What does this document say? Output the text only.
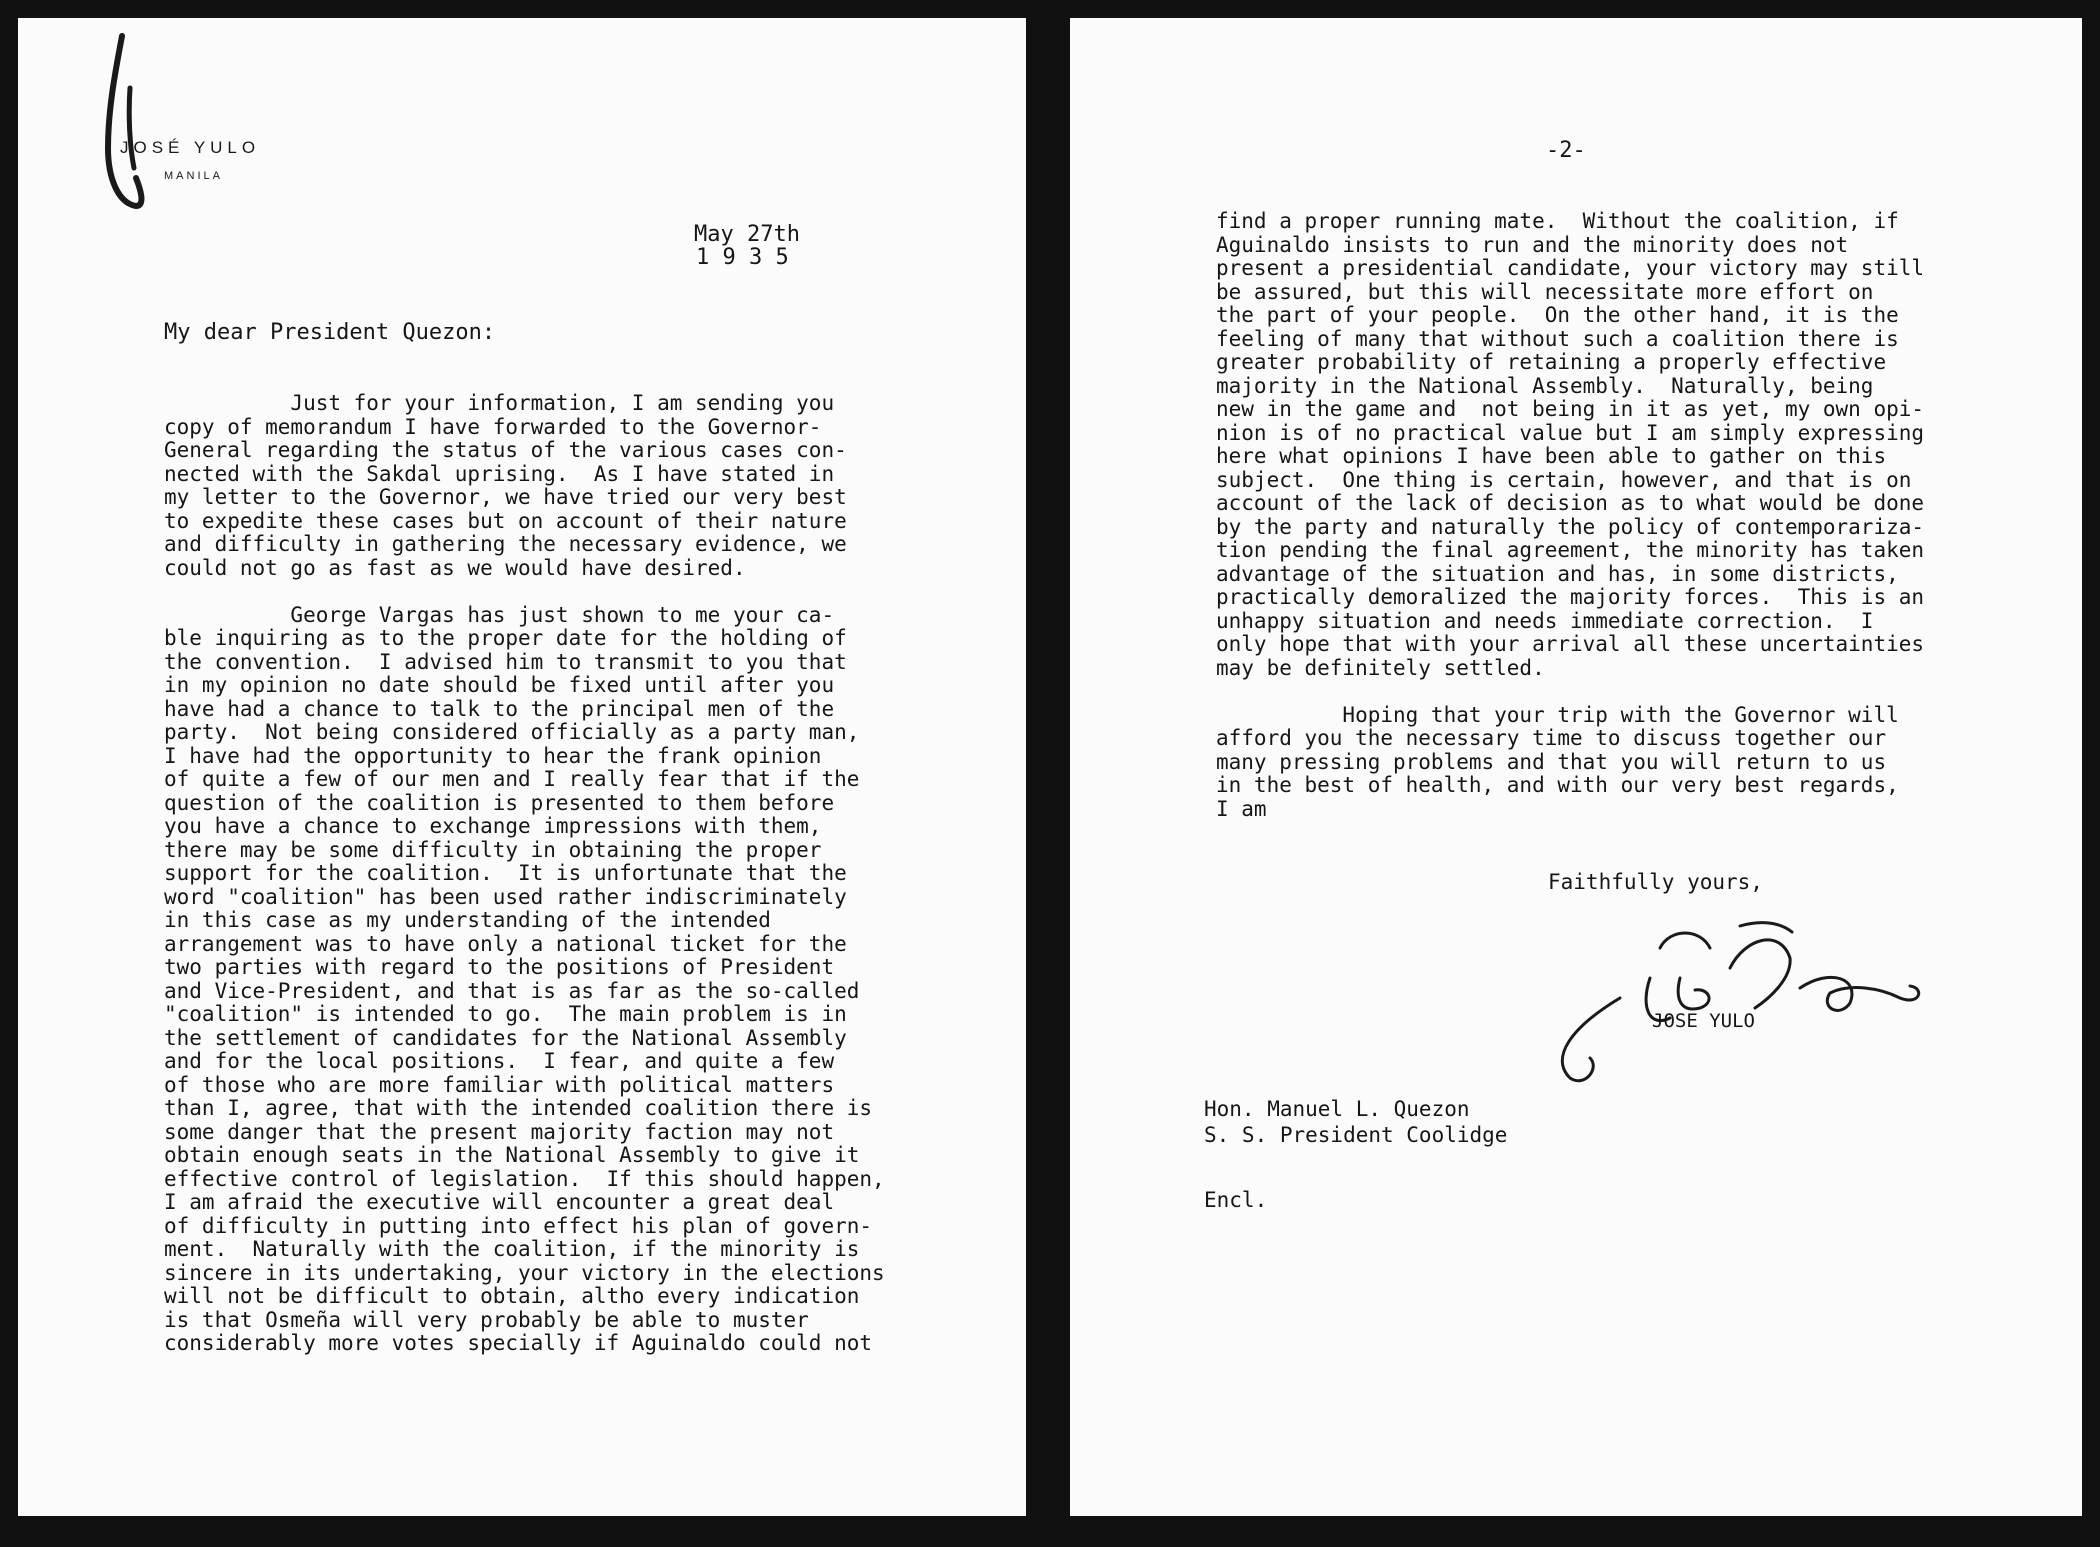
JOSÉ YULO
MANILA
May 27th
1 9 3 5
My dear President Quezon:
Just for your information, I am sending you
copy of memorandum I have forwarded to the Governor-
General regarding the status of the various cases con-
nected with the Sakdal uprising.  As I have stated in
my letter to the Governor, we have tried our very best
to expedite these cases but on account of their nature
and difficulty in gathering the necessary evidence, we
could not go as fast as we would have desired.
George Vargas has just shown to me your ca-
ble inquiring as to the proper date for the holding of
the convention.  I advised him to transmit to you that
in my opinion no date should be fixed until after you
have had a chance to talk to the principal men of the
party.  Not being considered officially as a party man,
I have had the opportunity to hear the frank opinion
of quite a few of our men and I really fear that if the
question of the coalition is presented to them before
you have a chance to exchange impressions with them,
there may be some difficulty in obtaining the proper
support for the coalition.  It is unfortunate that the
word "coalition" has been used rather indiscriminately
in this case as my understanding of the intended
arrangement was to have only a national ticket for the
two parties with regard to the positions of President
and Vice-President, and that is as far as the so-called
"coalition" is intended to go.  The main problem is in
the settlement of candidates for the National Assembly
and for the local positions.  I fear, and quite a few
of those who are more familiar with political matters
than I, agree, that with the intended coalition there is
some danger that the present majority faction may not
obtain enough seats in the National Assembly to give it
effective control of legislation.  If this should happen,
I am afraid the executive will encounter a great deal
of difficulty in putting into effect his plan of govern-
ment.  Naturally with the coalition, if the minority is
sincere in its undertaking, your victory in the elections
will not be difficult to obtain, altho every indication
is that Osmeña will very probably be able to muster
considerably more votes specially if Aguinaldo could not
-2-
find a proper running mate.  Without the coalition, if
Aguinaldo insists to run and the minority does not
present a presidential candidate, your victory may still
be assured, but this will necessitate more effort on
the part of your people.  On the other hand, it is the
feeling of many that without such a coalition there is
greater probability of retaining a properly effective
majority in the National Assembly.  Naturally, being
new in the game and  not being in it as yet, my own opi-
nion is of no practical value but I am simply expressing
here what opinions I have been able to gather on this
subject.  One thing is certain, however, and that is on
account of the lack of decision as to what would be done
by the party and naturally the policy of contemporariza-
tion pending the final agreement, the minority has taken
advantage of the situation and has, in some districts,
practically demoralized the majority forces.  This is an
unhappy situation and needs immediate correction.  I
only hope that with your arrival all these uncertainties
may be definitely settled.
Hoping that your trip with the Governor will
afford you the necessary time to discuss together our
many pressing problems and that you will return to us
in the best of health, and with our very best regards,
I am
Faithfully yours,
JOSE YULO
Hon. Manuel L. Quezon
S. S. President Coolidge
Encl.
